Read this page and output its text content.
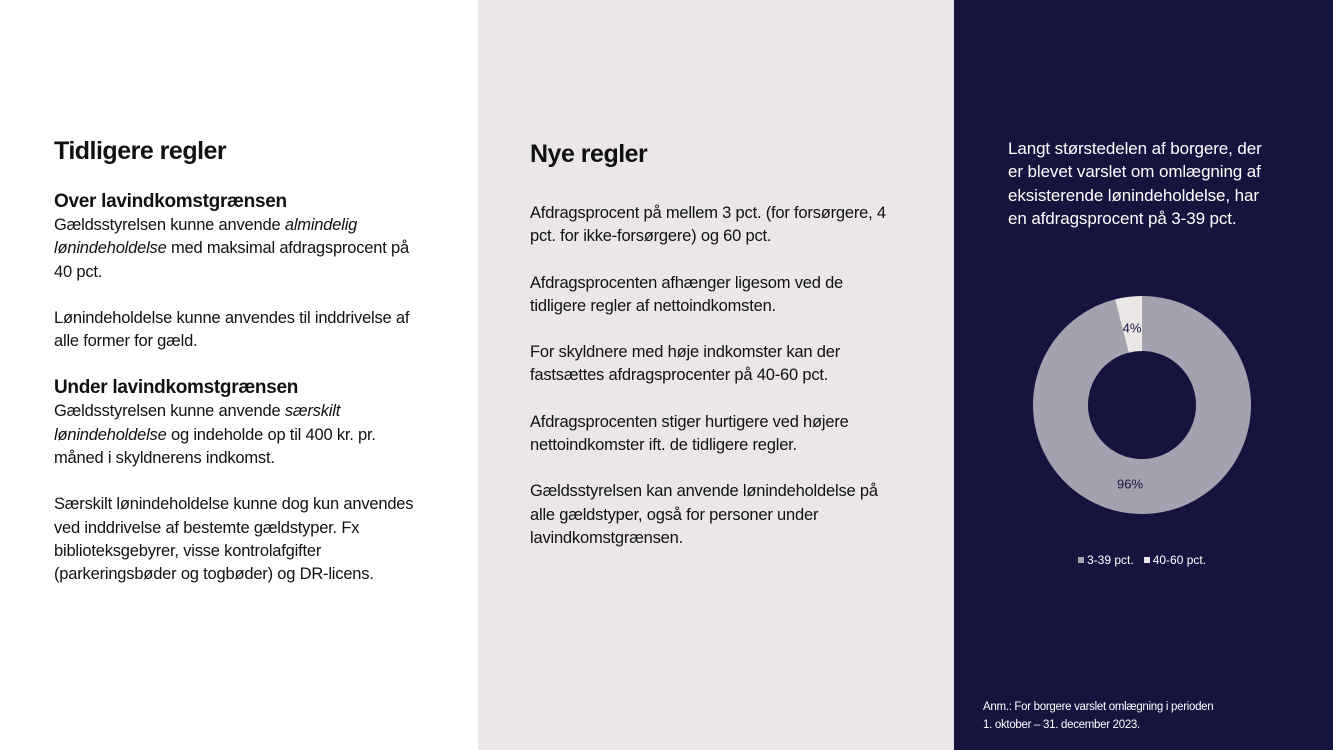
Tidligere regler
Over lavindkomstgrænsen
Gældsstyrelsen kunne anvende almindelig lønindeholdelse med maksimal afdragsprocent på 40 pct.
Lønindeholdelse kunne anvendes til inddrivelse af alle former for gæld.
Under lavindkomstgrænsen
Gældsstyrelsen kunne anvende særskilt lønindeholdelse og indeholde op til 400 kr. pr. måned i skyldnerens indkomst.
Særskilt lønindeholdelse kunne dog kun anvendes ved inddrivelse af bestemte gældstyper. Fx biblioteksgebyrer, visse kontrolafgifter (parkeringsbøder og togbøder) og DR-licens.
Nye regler
Afdragsprocent på mellem 3 pct. (for forsørgere, 4 pct. for ikke-forsørgere) og 60 pct.
Afdragsprocenten afhænger ligesom ved de tidligere regler af nettoindkomsten.
For skyldnere med høje indkomster kan der fastsættes afdragsprocenter på 40-60 pct.
Afdragsprocenten stiger hurtigere ved højere nettoindkomster ift. de tidligere regler.
Gældsstyrelsen kan anvende lønindeholdelse på alle gældstyper, også for personer under lavindkomstgrænsen.
Langt størstedelen af borgere, der er blevet varslet om omlægning af eksisterende lønindeholdelse, har en afdragsprocent på 3-39 pct.
4%
96%
3-39 pct. 40-60 pct.
Anm.: For borgere varslet omlægning i perioden
1. oktober – 31. december 2023.
